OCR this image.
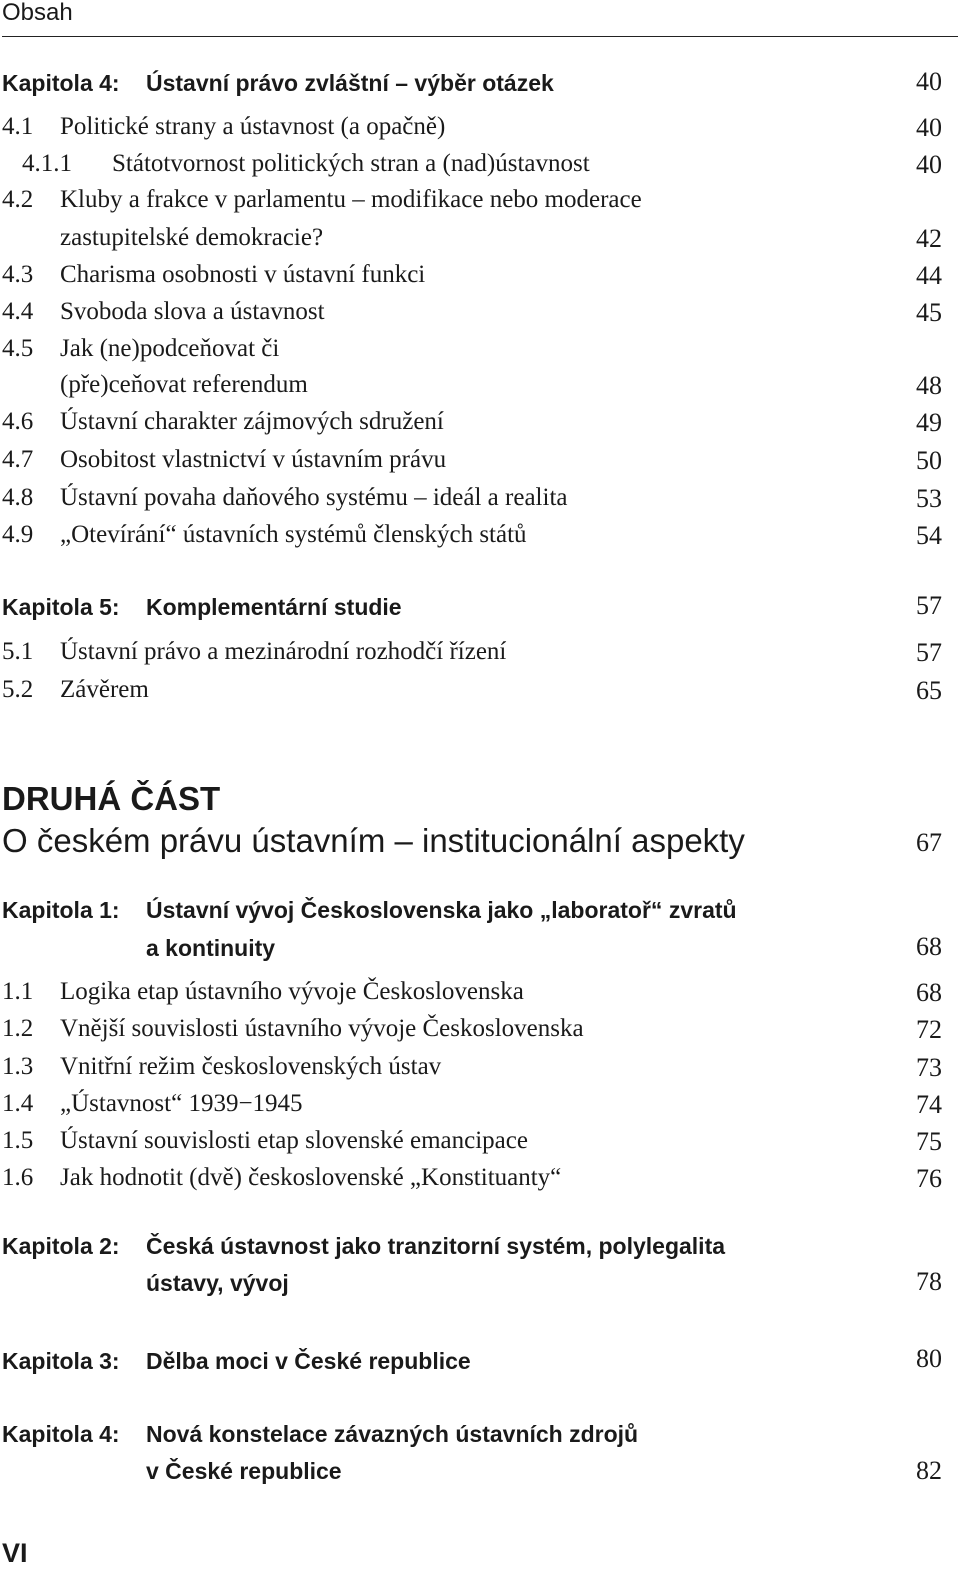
Obsah
Kapitola 4: Ústavní právo zvláštní – výběr otázek	40
4.1 Politické strany a ústavnost (a opačně)	40
4.1.1 Státotvornost politických stran a (nad)ústavnost	40
4.2 Kluby a frakce v parlamentu – modifikace nebo moderace
zastupitelské demokracie?	42
4.3 Charisma osobnosti v ústavní funkci	44
4.4 Svoboda slova a ústavnost	45
4.5 Jak (ne)podceňovat či
(pře)ceňovat referendum	48
4.6 Ústavní charakter zájmových sdružení	49
4.7 Osobitost vlastnictví v ústavním právu	50
4.8 Ústavní povaha daňového systému – ideál a realita	53
4.9 „Otevírání“ ústavních systémů členských států	54
Kapitola 5: Komplementární studie	57
5.1 Ústavní právo a mezinárodní rozhodčí řízení	57
5.2 Závěrem	65
DRUHÁ ČÁST
O českém právu ústavním – institucionální aspekty	67
Kapitola 1: Ústavní vývoj Československa jako „laboratoř“ zvratů
a kontinuity	68
1.1 Logika etap ústavního vývoje Československa	68
1.2 Vnější souvislosti ústavního vývoje Československa	72
1.3 Vnitřní režim československých ústav	73
1.4 „Ústavnost“ 1939−1945	74
1.5 Ústavní souvislosti etap slovenské emancipace	75
1.6 Jak hodnotit (dvě) československé „Konstituanty“	76
Kapitola 2: Česká ústavnost jako tranzitorní systém, polylegalita
ústavy, vývoj	78
Kapitola 3: Dělba moci v České republice	80
Kapitola 4: Nová konstelace závazných ústavních zdrojů
v České republice	82
VI
